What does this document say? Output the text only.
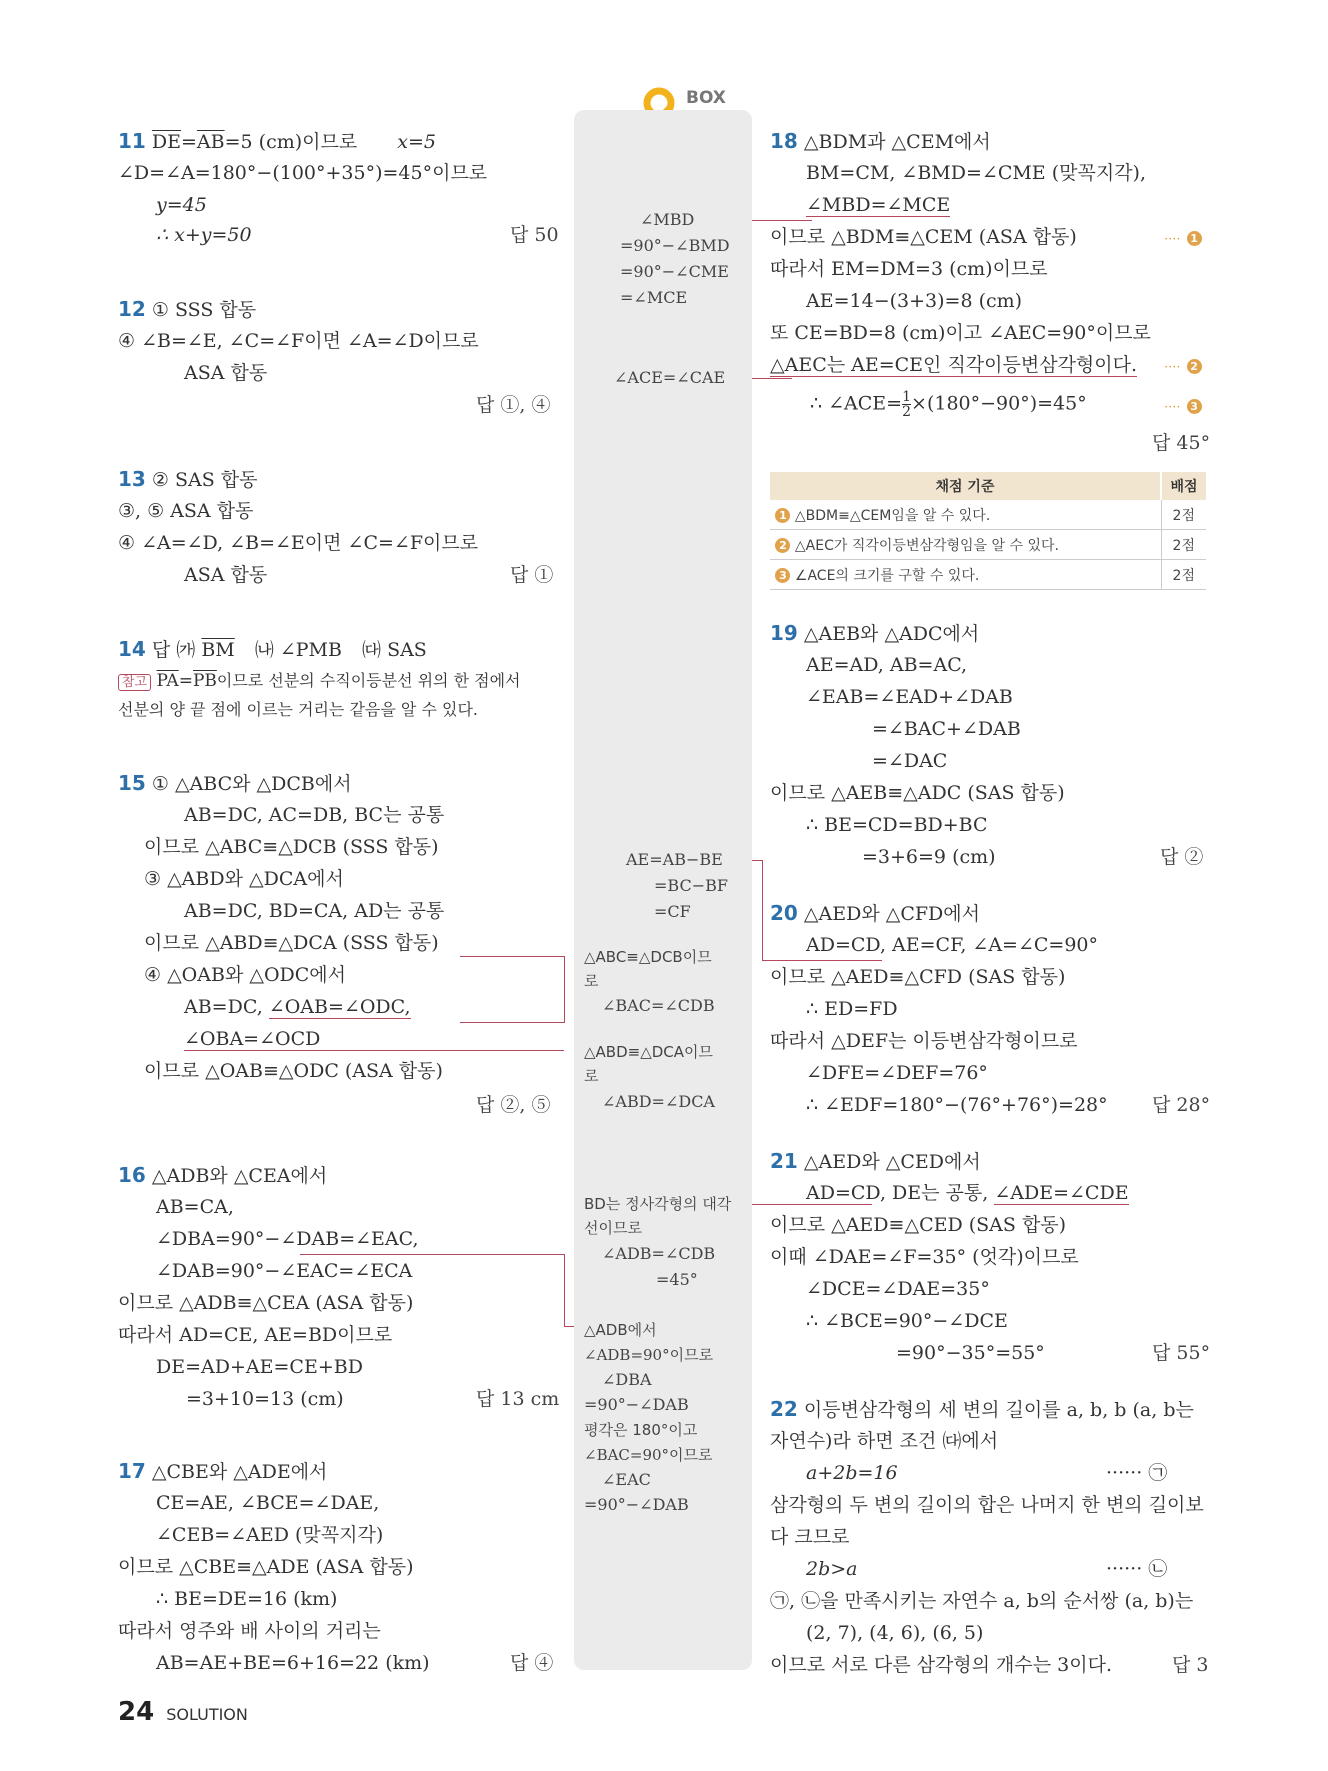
BOX
∠MBD
=90°−∠BMD
=90°−∠CME
=∠MCE
∠ACE=∠CAE
AE=AB−BE
=BC−BF
=CF
△ABC≡△DCB이므
로
∠BAC=∠CDB
△ABD≡△DCA이므
로
∠ABD=∠DCA
BD는 정사각형의 대각
선이므로
∠ADB=∠CDB
=45°
△ADB에서
∠ADB=90°이므로
∠DBA
=90°−∠DAB
평각은 180°이고
∠BAC=90°이므로
∠EAC
=90°−∠DAB
11 $\overline{DE}=\overline{AB}=5$ (cm)이므로 x=5
∠D=∠A=180°−(100°+35°)=45°이므로
y=45
∴ x+y=50	답 50
12 ① SSS 합동
④ ∠B=∠E, ∠C=∠F이면 ∠A=∠D이므로
ASA 합동
답 ①, ④
13 ② SAS 합동
③, ⑤ ASA 합동
④ ∠A=∠D, ∠B=∠E이면 ∠C=∠F이므로
ASA 합동	답 ①
14 답 ㈎ $\overline{BM}$ ㈏ ∠PMB ㈐ SAS
참고 $\overline{PA}=\overline{PB}$이므로 선분의 수직이등분선 위의 한 점에서
선분의 양 끝 점에 이르는 거리는 같음을 알 수 있다.
15 ① △ABC와 △DCB에서
AB=DC, AC=DB, BC는 공통
이므로 △ABC≡△DCB (SSS 합동)
③ △ABD와 △DCA에서
AB=DC, BD=CA, AD는 공통
이므로 △ABD≡△DCA (SSS 합동)
④ △OAB와 △ODC에서
AB=DC, ∠OAB=∠ODC,
∠OBA=∠OCD
이므로 △OAB≡△ODC (ASA 합동)
답 ②, ⑤
16 △ADB와 △CEA에서
AB=CA,
∠DBA=90°−∠DAB=∠EAC,
∠DAB=90°−∠EAC=∠ECA
이므로 △ADB≡△CEA (ASA 합동)
따라서 AD=CE, AE=BD이므로
DE=AD+AE=CE+BD
=3+10=13 (cm)	답 13 cm
17 △CBE와 △ADE에서
CE=AE, ∠BCE=∠DAE,
∠CEB=∠AED (맞꼭지각)
이므로 △CBE≡△ADE (ASA 합동)
∴ BE=DE=16 (km)
따라서 영주와 배 사이의 거리는
AB=AE+BE=6+16=22 (km)	답 ④
18 △BDM과 △CEM에서
BM=CM, ∠BMD=∠CME (맞꼭지각),
∠MBD=∠MCE
이므로 △BDM≡△CEM (ASA 합동)	···· 1
따라서 EM=DM=3 (cm)이므로
AE=14−(3+3)=8 (cm)
또 CE=BD=8 (cm)이고 ∠AEC=90°이므로
△AEC는 AE=CE인 직각이등변삼각형이다. ···· 2
∴ ∠ACE= $\frac{1}{2} \times(180^\circ-90^\circ)=45^\circ$	···· 3
답 45°
채점 기준	배점
1 △BDM≡△CEM임을 알 수 있다.	2점
2 △AEC가 직각이등변삼각형임을 알 수 있다.	2점
3 ∠ACE의 크기를 구할 수 있다.	2점
19 △AEB와 △ADC에서
AE=AD, AB=AC,
∠EAB=∠EAD+∠DAB
=∠BAC+∠DAB
=∠DAC
이므로 △AEB≡△ADC (SAS 합동)
∴ BE=CD=BD+BC
=3+6=9 (cm)	답 ②
20 △AED와 △CFD에서
AD=CD, AE=CF, ∠A=∠C=90°
이므로 △AED≡△CFD (SAS 합동)
∴ ED=FD
따라서 △DEF는 이등변삼각형이므로
∠DFE=∠DEF=76°
∴ ∠EDF=180°−(76°+76°)=28° 답 28°
21 △AED와 △CED에서
AD=CD, DE는 공통, ∠ADE=∠CDE
이므로 △AED≡△CED (SAS 합동)
이때 ∠DAE=∠F=35° (엇각)이므로
∠DCE=∠DAE=35°
∴ ∠BCE=90°−∠DCE
=90°−35°=55°	답 55°
22 이등변삼각형의 세 변의 길이를 a, b, b (a, b는
자연수)라 하면 조건 ㈐에서
a+2b=16	······ ㉠
삼각형의 두 변의 길이의 합은 나머지 한 변의 길이보
다 크므로
2b>a	······ ㉡
㉠, ㉡을 만족시키는 자연수 a, b의 순서쌍 (a, b)는
(2, 7), (4, 6), (6, 5)
이므로 서로 다른 삼각형의 개수는 3이다.	답 3
24 SOLUTION
